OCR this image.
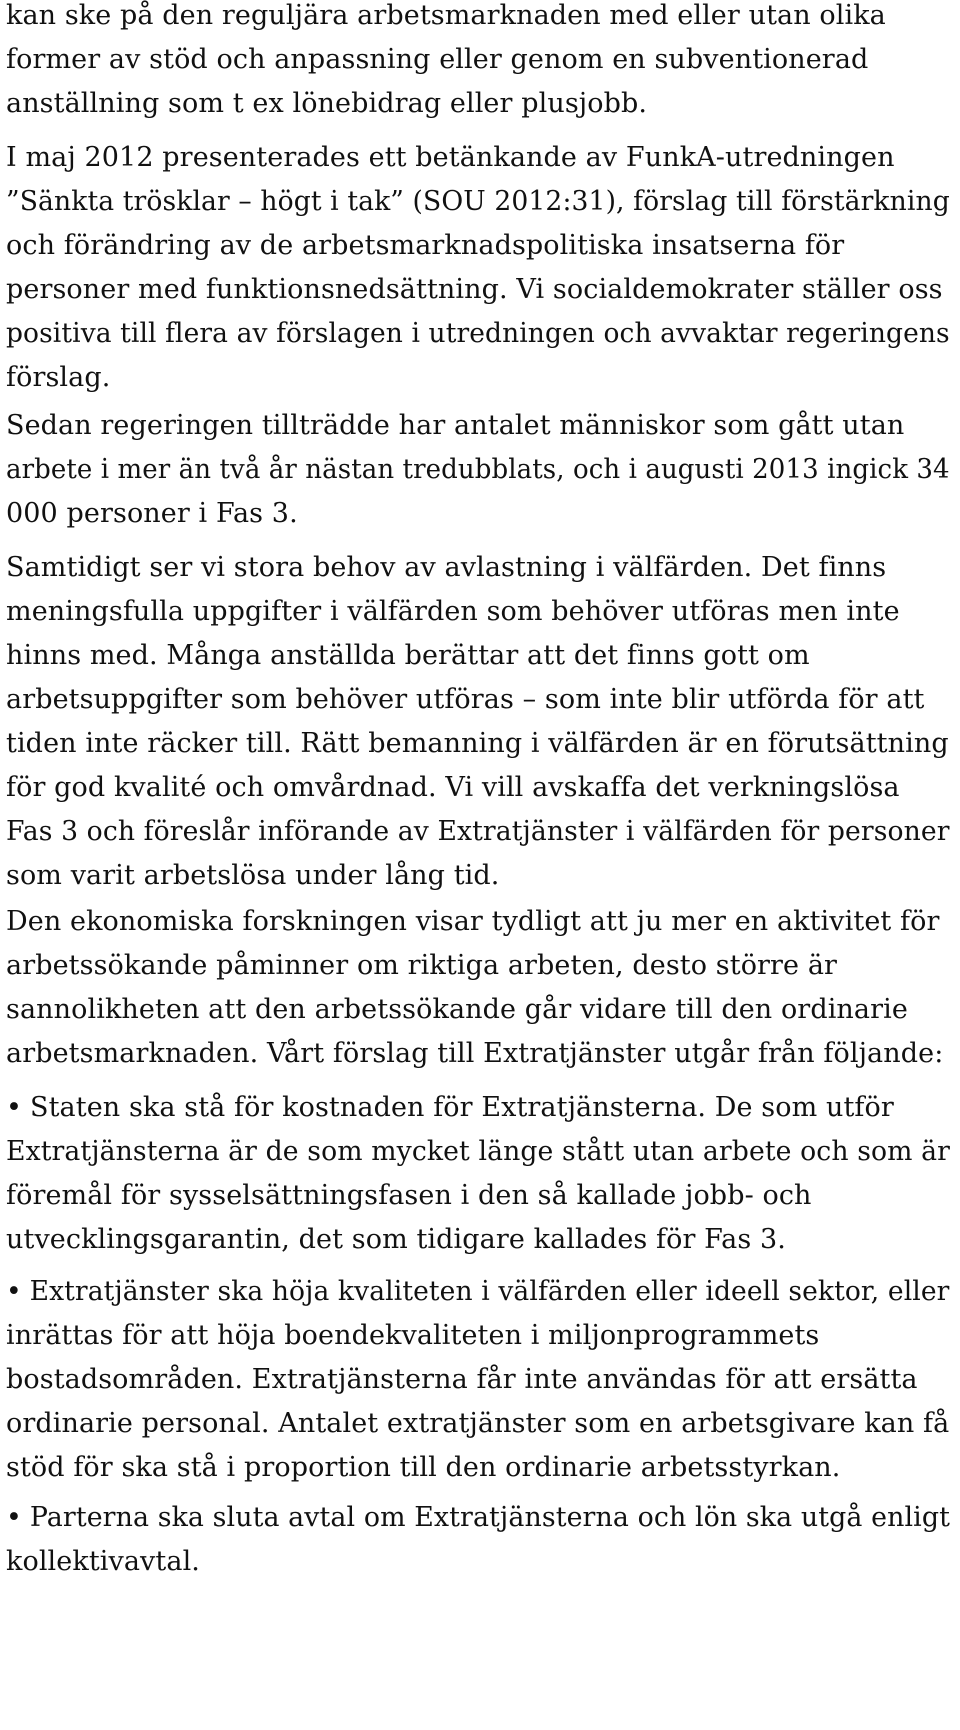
kan ske på den reguljära arbetsmarknaden med eller utan olika
former av stöd och anpassning eller genom en subventionerad
anställning som t ex lönebidrag eller plusjobb.
I maj 2012 presenterades ett betänkande av FunkA-utredningen
”Sänkta trösklar – högt i tak” (SOU 2012:31), förslag till förstärkning
och förändring av de arbetsmarknadspolitiska insatserna för
personer med funktionsnedsättning. Vi socialdemokrater ställer oss
positiva till flera av förslagen i utredningen och avvaktar regeringens
förslag.
Sedan regeringen tillträdde har antalet människor som gått utan
arbete i mer än två år nästan tredubblats, och i augusti 2013 ingick 34
000 personer i Fas 3.
Samtidigt ser vi stora behov av avlastning i välfärden. Det finns
meningsfulla uppgifter i välfärden som behöver utföras men inte
hinns med. Många anställda berättar att det finns gott om
arbetsuppgifter som behöver utföras – som inte blir utförda för att
tiden inte räcker till. Rätt bemanning i välfärden är en förutsättning
för god kvalité och omvårdnad. Vi vill avskaffa det verkningslösa
Fas 3 och föreslår införande av Extratjänster i välfärden för personer
som varit arbetslösa under lång tid.
Den ekonomiska forskningen visar tydligt att ju mer en aktivitet för
arbetssökande påminner om riktiga arbeten, desto större är
sannolikheten att den arbetssökande går vidare till den ordinarie
arbetsmarknaden. Vårt förslag till Extratjänster utgår från följande:
• Staten ska stå för kostnaden för Extratjänsterna. De som utför
Extratjänsterna är de som mycket länge stått utan arbete och som är
föremål för sysselsättningsfasen i den så kallade jobb- och
utvecklingsgarantin, det som tidigare kallades för Fas 3.
• Extratjänster ska höja kvaliteten i välfärden eller ideell sektor, eller
inrättas för att höja boendekvaliteten i miljonprogrammets
bostadsområden. Extratjänsterna får inte användas för att ersätta
ordinarie personal. Antalet extratjänster som en arbetsgivare kan få
stöd för ska stå i proportion till den ordinarie arbetsstyrkan.
• Parterna ska sluta avtal om Extratjänsterna och lön ska utgå enligt
kollektivavtal.
